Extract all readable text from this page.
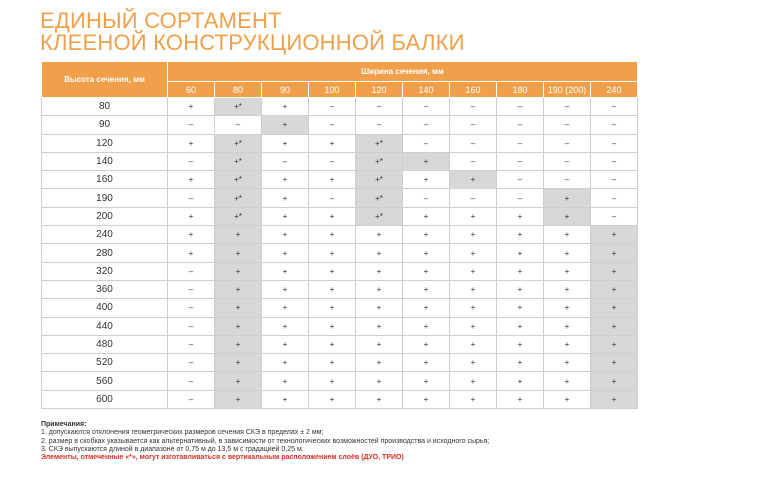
ЕДИНЫЙ СОРТАМЕНТ
КЛЕЕНОЙ КОНСТРУКЦИОННОЙ БАЛКИ
Высота сечения, мм	Ширина сечения, мм									
	60	80	90	100	120	140	160	180	190 (200)	240
80	+	+*	+	–	–	–	–	–	–	–
90	–	–	+	–	–	–	–	–	–	–
120	+	+*	+	+	+*	–	–	–	–	–
140	–	+*	–	–	+*	+	–	–	–	–
160	+	+*	+	+	+*	+	+	–	–	–
190	–	+*	+	–	+*	–	–	–	+	–
200	+	+*	+	+	+*	+	+	+	+	–
240	+	+	+	+	+	+	+	+	+	+
280	+	+	+	+	+	+	+	+	+	+
320	–	+	+	+	+	+	+	+	+	+
360	–	+	+	+	+	+	+	+	+	+
400	–	+	+	+	+	+	+	+	+	+
440	–	+	+	+	+	+	+	+	+	+
480	–	+	+	+	+	+	+	+	+	+
520	–	+	+	+	+	+	+	+	+	+
560	–	+	+	+	+	+	+	+	+	+
600	–	+	+	+	+	+	+	+	+	+
Примечания:
1. допускаются отклонения геометрических размеров сечения СКЭ в пределах ± 2 мм;
2. размер в скобках указывается как альтернативный, в зависимости от технологических возможностей производства и исходного сырья;
3. СКЭ выпускаются длиной в диапазоне от 0,75 м до 13,5 м с градацией 0,25 м.
Элементы, отмеченные «*», могут изготавливаться с вертикальным расположением слоёв (ДУО, ТРИО)
